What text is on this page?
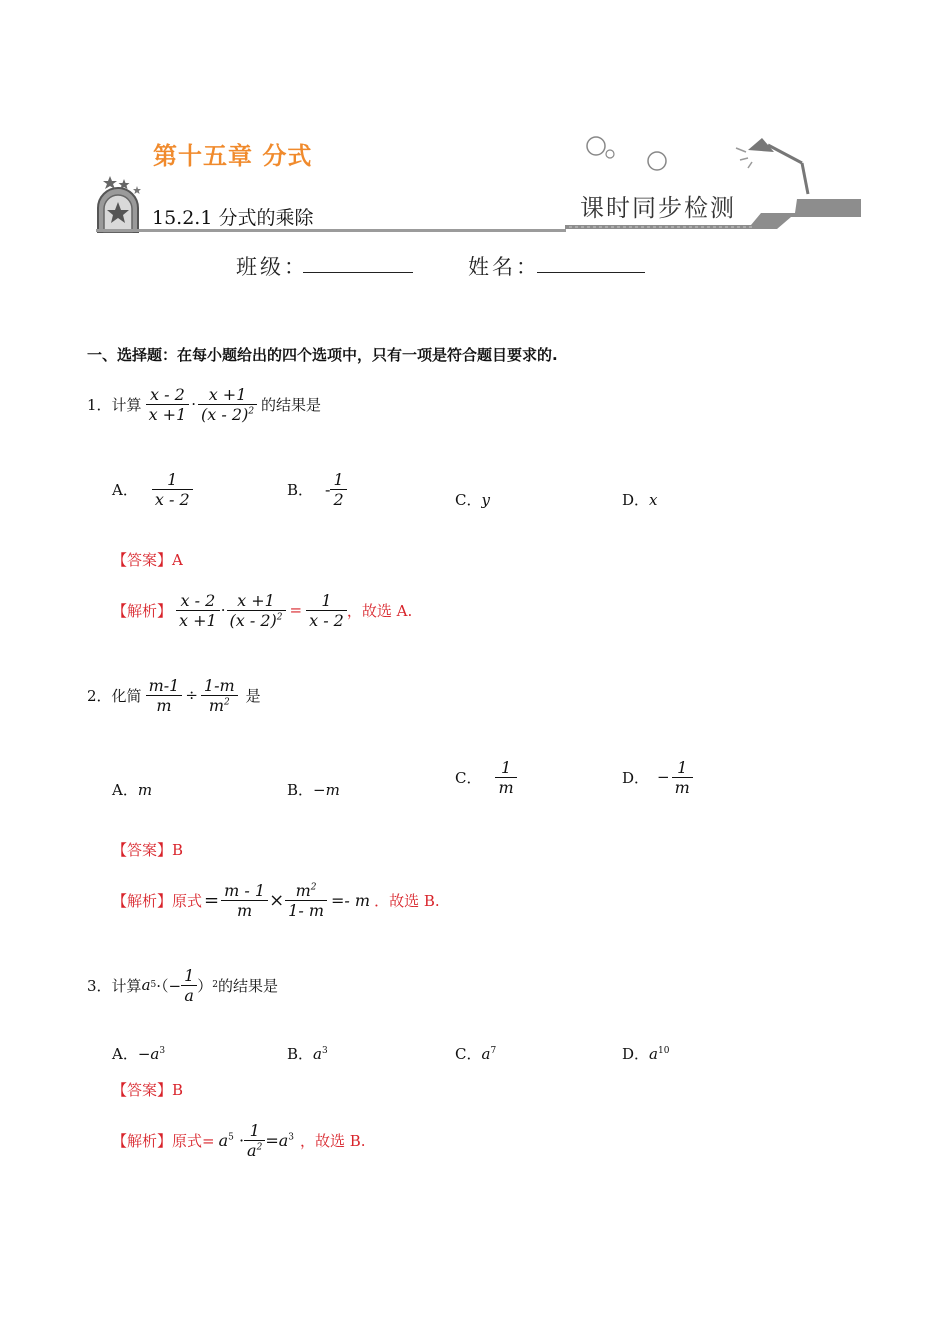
第十五章 分式
15.2.1 分式的乘除	课时同步检测
班级：	姓名：
一、选择题：在每小题给出的四个选项中，只有一项是符合题目要求的.
1． 计算 $\frac{x - 2}{x +1} \cdot \frac{x +1}{(x - 2)^2}$ 的结果是
A． $\frac{1}{x - 2}$	B． - $\frac{1}{2}$	C．y	D．x
【答案】A
【解析】 $\frac{x - 2}{x +1} \cdot \frac{x +1}{(x - 2)^2} = \frac{1}{x - 2}$ ，故选 A.
2． 化简 $\frac{m-1}{m} \div \frac{1-m}{m^2}$ 是
A．m	B．−m
C． $\frac{1}{m}$	D． − $\frac{1}{m}$
【答案】B
【解析】 原式 = $\frac{m - 1}{m} \times \frac{m^2}{1- m} =- m$ ．故选 B.
3． 计算 a 5 ·（− $\frac{1}{a}$ ） 2 的结果是
A．$-a^3$	B．$a^3$	C．$a^7$	D．$a^{10}$
【答案】B
【解析】 原式= $a^5 \cdot \frac{1}{a^2} =a^3$ ，故选 B.
